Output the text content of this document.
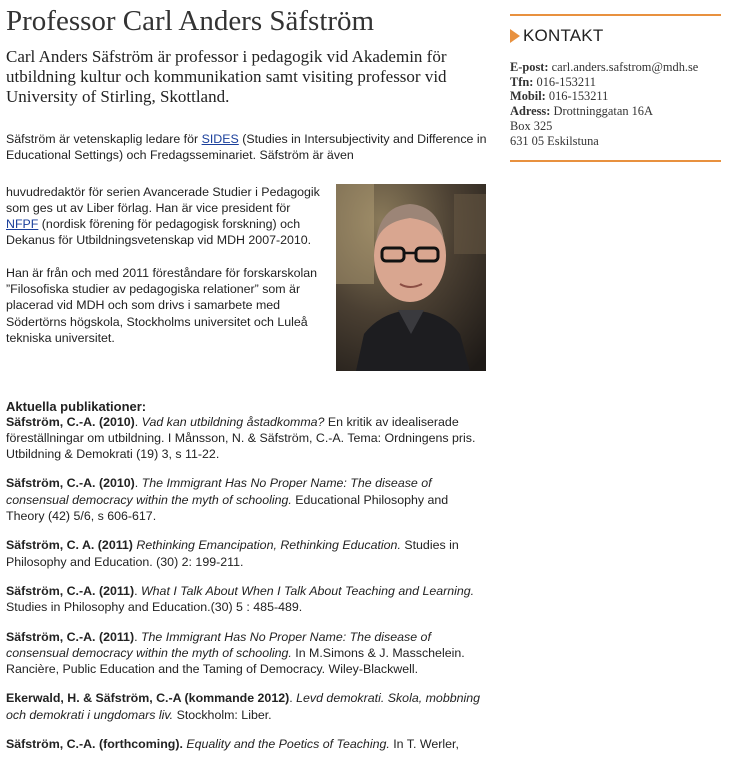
Professor Carl Anders Säfström

Carl Anders Säfström är professor i pedagogik vid Akademin för utbildning kultur och kommunikation samt visiting professor vid University of Stirling, Skottland.

Säfström är vetenskaplig ledare för SIDES (Studies in Intersubjectivity and Difference in Educational Settings) och Fredagsseminariet. Säfström är även

huvudredaktör för serien Avancerade Studier i Pedagogik som ges ut av Liber förlag. Han är vice president för NFPF (nordisk förening för pedagogisk forskning) och Dekanus för Utbildningsvetenskap vid MDH 2007-2010.

Han är från och med 2011 föreståndare för forskarskolan ”Filosofiska studier av pedagogiska relationer” som är placerad vid MDH och som drivs i samarbete med Södertörns högskola, Stockholms universitet och Luleå tekniska universitet.

Aktuella publikationer:

Säfström, C.-A. (2010). Vad kan utbildning åstadkomma? En kritik av idealiserade föreställningar om utbildning. I Månsson, N. & Säfström, C.-A. Tema: Ordningens pris. Utbildning & Demokrati (19) 3, s 11-22.

Säfström, C.-A. (2010). The Immigrant Has No Proper Name: The disease of consensual democracy within the myth of schooling. Educational Philosophy and Theory (42) 5/6, s 606-617.

Säfström, C. A. (2011) Rethinking Emancipation, Rethinking Education. Studies in Philosophy and Education. (30) 2: 199-211.

Säfström, C.-A. (2011). What I Talk About When I Talk About Teaching and Learning. Studies in Philosophy and Education.(30) 5 : 485-489.

Säfström, C.-A. (2011). The Immigrant Has No Proper Name: The disease of consensual democracy within the myth of schooling. In M.Simons & J. Masschelein. Rancière, Public Education and the Taming of Democracy. Wiley-Blackwell.

Ekerwald, H. & Säfström, C.-A (kommande 2012). Levd demokrati. Skola, mobbning och demokrati i ungdomars liv. Stockholm: Liber.

Säfström, C.-A. (forthcoming). Equality and the Poetics of Teaching. In T. Werler,

KONTAKT
E-post: carl.anders.safstrom@mdh.se
Tfn: 016-153211
Mobil: 016-153211
Adress: Drottninggatan 16A
Box 325
631 05 Eskilstuna
